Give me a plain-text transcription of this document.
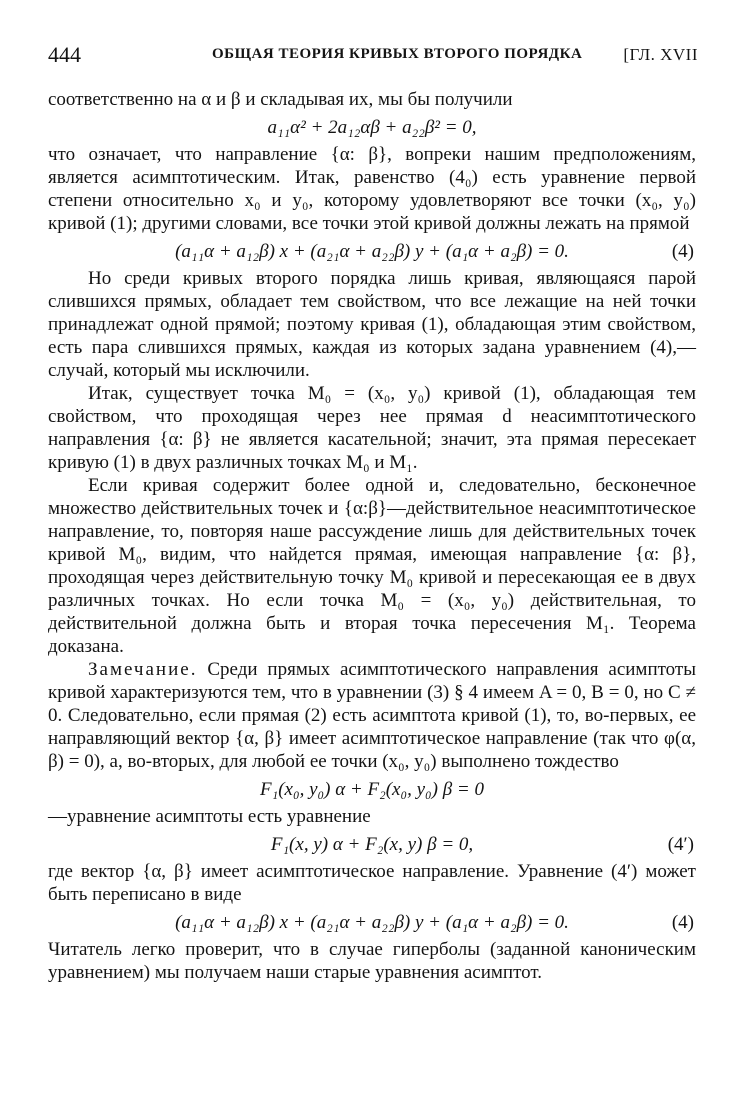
444	ОБЩАЯ ТЕОРИЯ КРИВЫХ ВТОРОГО ПОРЯДКА [ГЛ. XVII

соответственно на α и β и складывая их, мы бы получили

a₁₁α² + 2a₁₂αβ + a₂₂β² = 0,

что означает, что направление {α: β}, вопреки нашим предположениям, является асимптотическим. Итак, равенство (4₀) есть уравнение первой степени относительно x₀ и y₀, которому удовлетворяют все точки (x₀, y₀) кривой (1); другими словами, все точки этой кривой должны лежать на прямой

(a₁₁α + a₁₂β) x + (a₂₁α + a₂₂β) y + (a₁α + a₂β) = 0.	(4)

Но среди кривых второго порядка лишь кривая, являющаяся парой слившихся прямых, обладает тем свойством, что все лежащие на ней точки принадлежат одной прямой; поэтому кривая (1), обладающая этим свойством, есть пара слившихся прямых, каждая из которых задана уравнением (4),— случай, который мы исключили.

Итак, существует точка M₀ = (x₀, y₀) кривой (1), обладающая тем свойством, что проходящая через нее прямая d неасимптотического направления {α: β} не является касательной; значит, эта прямая пересекает кривую (1) в двух различных точках M₀ и M₁.

Если кривая содержит более одной и, следовательно, бесконечное множество действительных точек и {α:β}—действительное неасимптотическое направление, то, повторяя наше рассуждение лишь для действительных точек кривой M₀, видим, что найдется прямая, имеющая направление {α: β}, проходящая через действительную точку M₀ кривой и пересекающая ее в двух различных точках. Но если точка M₀ = (x₀, y₀) действительная, то действительной должна быть и вторая точка пересечения M₁. Теорема доказана.

Замечание. Среди прямых асимптотического направления асимптоты кривой характеризуются тем, что в уравнении (3) § 4 имеем A = 0, B = 0, но C ≠ 0. Следовательно, если прямая (2) есть асимптота кривой (1), то, во-первых, ее направляющий вектор {α, β} имеет асимптотическое направление (так что φ(α, β) = 0), а, во-вторых, для любой ее точки (x₀, y₀) выполнено тождество

F₁(x₀, y₀) α + F₂(x₀, y₀) β = 0

—уравнение асимптоты есть уравнение

F₁(x, y) α + F₂(x, y) β = 0,	(4′)

где вектор {α, β} имеет асимптотическое направление. Уравнение (4′) может быть переписано в виде

(a₁₁α + a₁₂β) x + (a₂₁α + a₂₂β) y + (a₁α + a₂β) = 0.	(4)

Читатель легко проверит, что в случае гиперболы (заданной каноническим уравнением) мы получаем наши старые уравнения асимптот.
